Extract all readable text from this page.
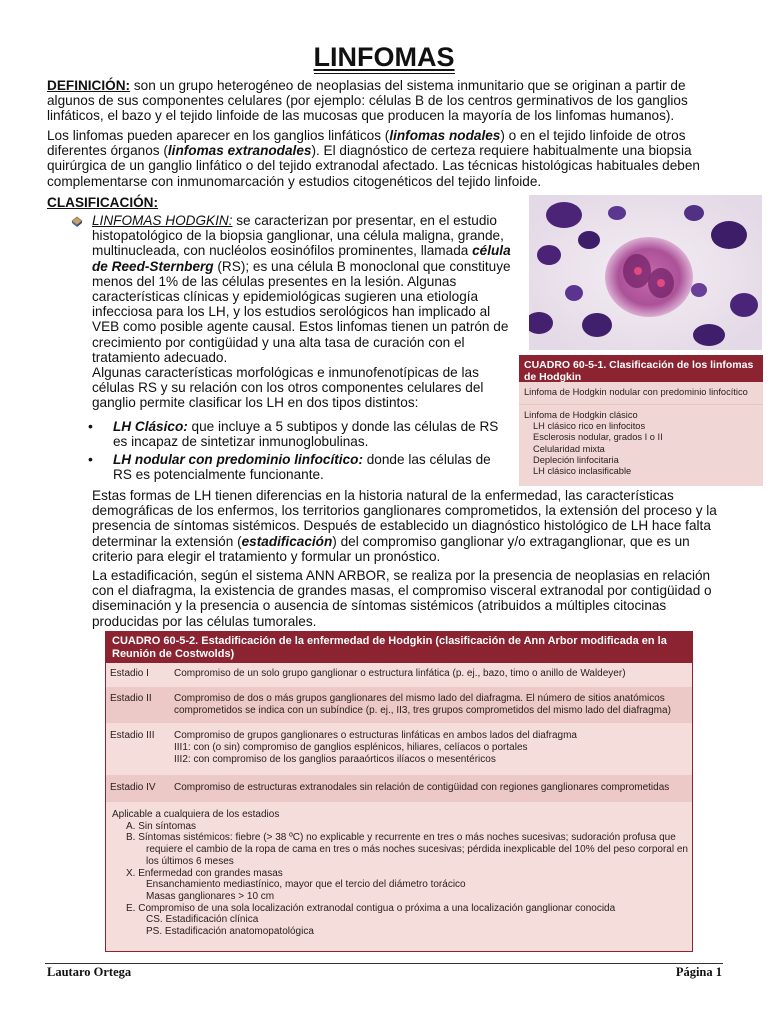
LINFOMAS

DEFINICIÓN: son un grupo heterogéneo de neoplasias del sistema inmunitario que se originan a partir de algunos de sus componentes celulares (por ejemplo: células B de los centros germinativos de los ganglios linfáticos, el bazo y el tejido linfoide de las mucosas que producen la mayoría de los linfomas humanos).

Los linfomas pueden aparecer en los ganglios linfáticos (linfomas nodales) o en el tejido linfoide de otros diferentes órganos (linfomas extranodales). El diagnóstico de certeza requiere habitualmente una biopsia quirúrgica de un ganglio linfático o del tejido extranodal afectado. Las técnicas histológicas habituales deben complementarse con inmunomarcación y estudios citogenéticos del tejido linfoide.

CLASIFICACIÓN:

LINFOMAS HODGKIN: se caracterizan por presentar, en el estudio histopatológico de la biopsia ganglionar, una célula maligna, grande, multinucleada, con nucléolos eosinófilos prominentes, llamada célula de Reed-Sternberg (RS); es una célula B monoclonal que constituye menos del 1% de las células presentes en la lesión. Algunas características clínicas y epidemiológicas sugieren una etiología infecciosa para los LH, y los estudios serológicos han implicado al VEB como posible agente causal. Estos linfomas tienen un patrón de crecimiento por contigüidad y una alta tasa de curación con el tratamiento adecuado.

Algunas características morfológicas e inmunofenotípicas de las células RS y su relación con los otros componentes celulares del ganglio permite clasificar los LH en dos tipos distintos:

• LH Clásico: que incluye a 5 subtipos y donde las células de RS es incapaz de sintetizar inmunoglobulinas.
• LH nodular con predominio linfocítico: donde las células de RS es potencialmente funcionante.

Estas formas de LH tienen diferencias en la historia natural de la enfermedad, las características demográficas de los enfermos, los territorios ganglionares comprometidos, la extensión del proceso y la presencia de síntomas sistémicos. Después de establecido un diagnóstico histológico de LH hace falta determinar la extensión (estadificación) del compromiso ganglionar y/o extraganglionar, que es un criterio para elegir el tratamiento y formular un pronóstico.

La estadificación, según el sistema ANN ARBOR, se realiza por la presencia de neoplasias en relación con el diafragma, la existencia de grandes masas, el compromiso visceral extranodal por contigüidad o diseminación y la presencia o ausencia de síntomas sistémicos (atribuidos a múltiples citocinas producidas por las células tumorales.

CUADRO 60-5-1. Clasificación de los linfomas de Hodgkin
Linfoma de Hodgkin nodular con predominio linfocítico
Linfoma de Hodgkin clásico
LH clásico rico en linfocitos
Esclerosis nodular, grados I o II
Celularidad mixta
Depleción linfocitaria
LH clásico inclasificable
CUADRO 60-5-2. Estadificación de la enfermedad de Hodgkin (clasificación de Ann Arbor modificada en la Reunión de Costwolds)
Estadio I	Compromiso de un solo grupo ganglionar o estructura linfática (p. ej., bazo, timo o anillo de Waldeyer)
Estadio II Compromiso de dos o más grupos ganglionares del mismo lado del diafragma. El número de sitios anatómicos
comprometidos se indica con un subíndice (p. ej., II3, tres grupos comprometidos del mismo lado del diafragma)
Estadio III Compromiso de grupos ganglionares o estructuras linfáticas en ambos lados del diafragma
III1: con (o sin) compromiso de ganglios esplénicos, hiliares, celíacos o portales
III2: con compromiso de los ganglios paraaórticos ilíacos o mesentéricos
Estadio IV Compromiso de estructuras extranodales sin relación de contigüidad con regiones ganglionares comprometidas
Aplicable a cualquiera de los estadios
A. Sin síntomas
B. Síntomas sistémicos: fiebre (> 38 ºC) no explicable y recurrente en tres o más noches sucesivas; sudoración profusa que
requiere el cambio de la ropa de cama en tres o más noches sucesivas; pérdida inexplicable del 10% del peso corporal en
los últimos 6 meses
X. Enfermedad con grandes masas
Ensanchamiento mediastínico, mayor que el tercio del diámetro torácico
Masas ganglionares > 10 cm
E. Compromiso de una sola localización extranodal contigua o próxima a una localización ganglionar conocida
CS. Estadificación clínica
PS. Estadificación anatomopatológica
Lautaro Ortega	Página 1
